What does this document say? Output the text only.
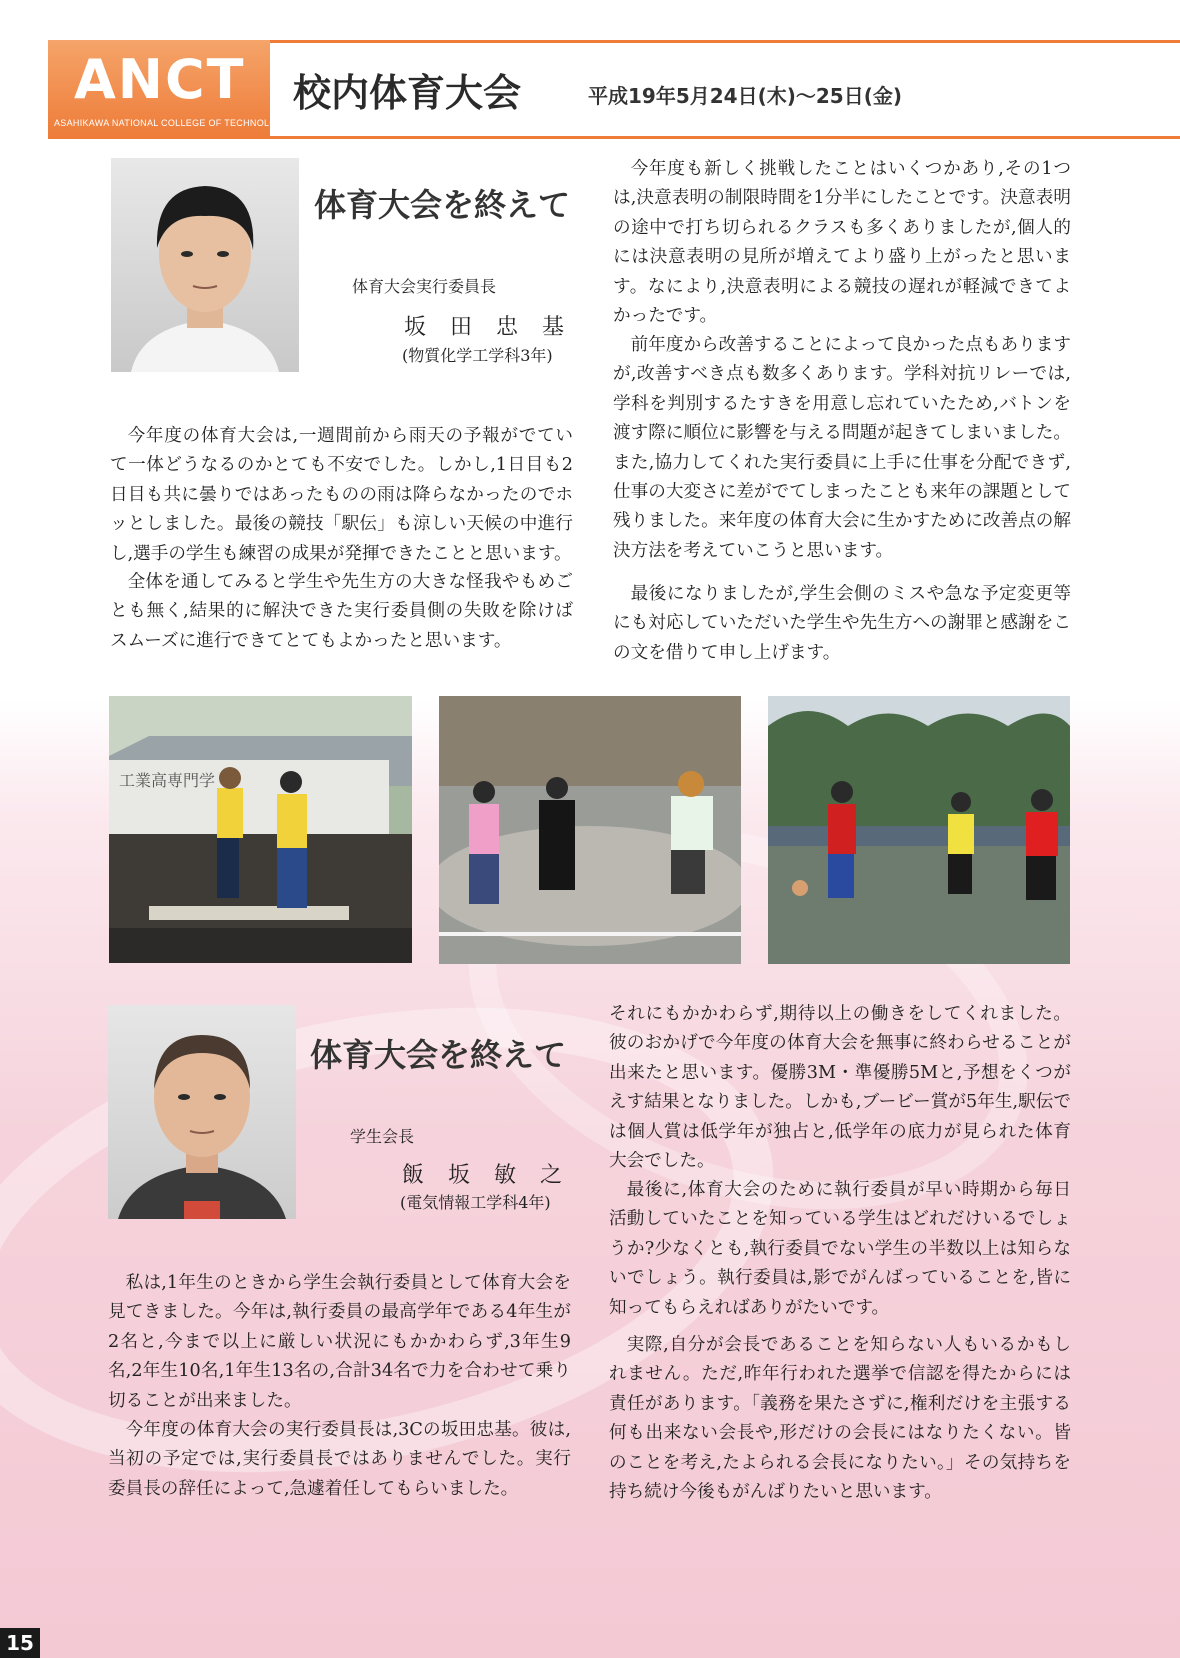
ANCT
ASAHIKAWA NATIONAL COLLEGE OF TECHNOLOGY Vol.93
校内体育大会	平成19年5月24日(木)〜25日(金)
体育大会を終えて
体育大会実行委員長
坂田忠基
(物質化学工学科3年)

今年度の体育大会は,一週間前から雨天の予報がでていて一体どうなるのかとても不安でした。しかし,1日目も2日目も共に曇りではあったものの雨は降らなかったのでホッとしました。最後の競技「駅伝」も涼しい天候の中進行し,選手の学生も練習の成果が発揮できたことと思います。

全体を通してみると学生や先生方の大きな怪我やもめごとも無く,結果的に解決できた実行委員側の失敗を除けばスムーズに進行できてとてもよかったと思います。

今年度も新しく挑戦したことはいくつかあり,その1つは,決意表明の制限時間を1分半にしたことです。決意表明の途中で打ち切られるクラスも多くありましたが,個人的には決意表明の見所が増えてより盛り上がったと思います。なにより,決意表明による競技の遅れが軽減できてよかったです。

前年度から改善することによって良かった点もありますが,改善すべき点も数多くあります。学科対抗リレーでは,学科を判別するたすきを用意し忘れていたため,バトンを渡す際に順位に影響を与える問題が起きてしまいました。また,協力してくれた実行委員に上手に仕事を分配できず,仕事の大変さに差がでてしまったことも来年の課題として残りました。来年度の体育大会に生かすために改善点の解決方法を考えていこうと思います。

最後になりましたが,学生会側のミスや急な予定変更等にも対応していただいた学生や先生方への謝罪と感謝をこの文を借りて申し上げます。

工業高専門学
体育大会を終えて
学生会長
飯坂敏之
(電気情報工学科4年)

私は,1年生のときから学生会執行委員として体育大会を見てきました。今年は,執行委員の最高学年である4年生が2名と,今まで以上に厳しい状況にもかかわらず,3年生9名,2年生10名,1年生13名の,合計34名で力を合わせて乗り切ることが出来ました。

今年度の体育大会の実行委員長は,3Cの坂田忠基。彼は,当初の予定では,実行委員長ではありませんでした。実行委員長の辞任によって,急遽着任してもらいました。

それにもかかわらず,期待以上の働きをしてくれました。彼のおかげで今年度の体育大会を無事に終わらせることが出来たと思います。優勝3M・準優勝5Mと,予想をくつがえす結果となりました。しかも,ブービー賞が5年生,駅伝では個人賞は低学年が独占と,低学年の底力が見られた体育大会でした。

最後に,体育大会のために執行委員が早い時期から毎日活動していたことを知っている学生はどれだけいるでしょうか?少なくとも,執行委員でない学生の半数以上は知らないでしょう。執行委員は,影でがんばっていることを,皆に知ってもらえればありがたいです。

実際,自分が会長であることを知らない人もいるかもしれません。ただ,昨年行われた選挙で信認を得たからには責任があります。「義務を果たさずに,権利だけを主張する何も出来ない会長や,形だけの会長にはなりたくない。皆のことを考え,たよられる会長になりたい。」その気持ちを持ち続け今後もがんばりたいと思います。

15
